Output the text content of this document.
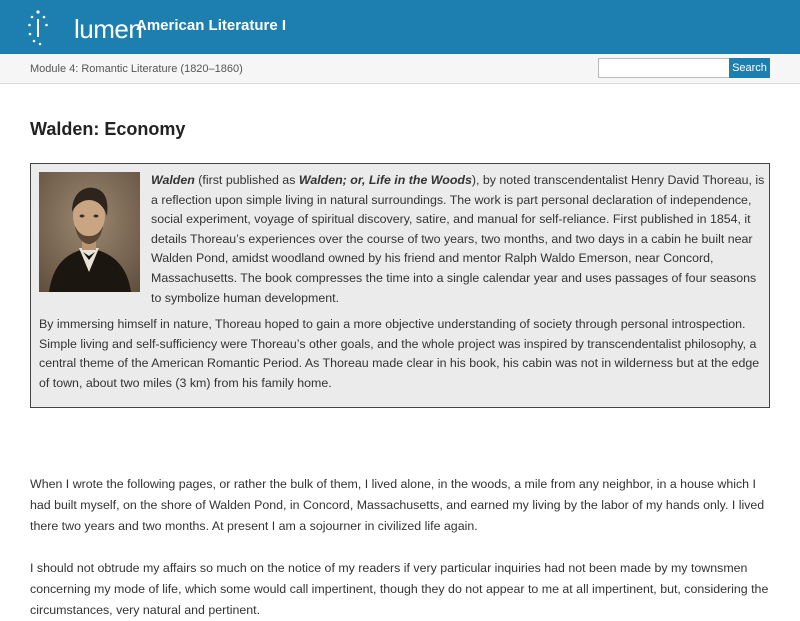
lumen
American Literature I
Module 4: Romantic Literature (1820–1860)	Search
Walden: Economy

Walden (first published as Walden; or, Life in the Woods), by noted transcendentalist Henry David Thoreau, is a reflection upon simple living in natural surroundings. The work is part personal declaration of independence, social experiment, voyage of spiritual discovery, satire, and manual for self-reliance. First published in 1854, it details Thoreau’s experiences over the course of two years, two months, and two days in a cabin he built near Walden Pond, amidst woodland owned by his friend and mentor Ralph Waldo Emerson, near Concord, Massachusetts. The book compresses the time into a single calendar year and uses passages of four seasons to symbolize human development.

By immersing himself in nature, Thoreau hoped to gain a more objective understanding of society through personal introspection. Simple living and self-sufficiency were Thoreau’s other goals, and the whole project was inspired by transcendentalist philosophy, a central theme of the American Romantic Period. As Thoreau made clear in his book, his cabin was not in wilderness but at the edge of town, about two miles (3 km) from his family home.

When I wrote the following pages, or rather the bulk of them, I lived alone, in the woods, a mile from any neighbor, in a house which I had built myself, on the shore of Walden Pond, in Concord, Massachusetts, and earned my living by the labor of my hands only. I lived there two years and two months. At present I am a sojourner in civilized life again.

I should not obtrude my affairs so much on the notice of my readers if very particular inquiries had not been made by my townsmen concerning my mode of life, which some would call impertinent, though they do not appear to me at all impertinent, but, considering the circumstances, very natural and pertinent.
